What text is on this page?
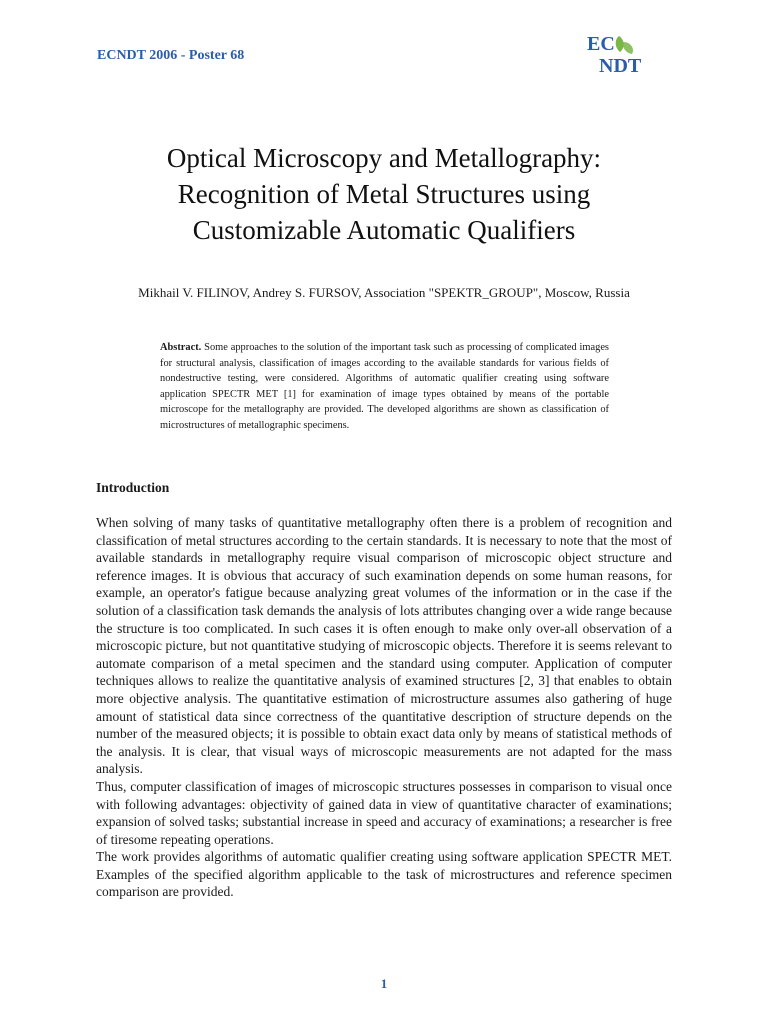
ECNDT 2006 - Poster 68

EC
NDT
Optical Microscopy and Metallography:
Recognition of Metal Structures using
Customizable Automatic Qualifiers

Mikhail V. FILINOV, Andrey S. FURSOV, Association "SPEKTR_GROUP", Moscow, Russia

Abstract. Some approaches to the solution of the important task such as processing of complicated images for structural analysis, classification of images according to the available standards for various fields of nondestructive testing, were considered. Algorithms of automatic qualifier creating using software application SPECTR MET [1] for examination of image types obtained by means of the portable microscope for the metallography are provided. The developed algorithms are shown as classification of microstructures of metallographic specimens.

Introduction

When solving of many tasks of quantitative metallography often there is a problem of recognition and classification of metal structures according to the certain standards. It is necessary to note that the most of available standards in metallography require visual comparison of microscopic object structure and reference images. It is obvious that accuracy of such examination depends on some human reasons, for example, an operator's fatigue because analyzing great volumes of the information or in the case if the solution of a classification task demands the analysis of lots attributes changing over a wide range because the structure is too complicated. In such cases it is often enough to make only over-all observation of a microscopic picture, but not quantitative studying of microscopic objects. Therefore it is seems relevant to automate comparison of a metal specimen and the standard using computer. Application of computer techniques allows to realize the quantitative analysis of examined structures [2, 3] that enables to obtain more objective analysis. The quantitative estimation of microstructure assumes also gathering of huge amount of statistical data since correctness of the quantitative description of structure depends on the number of the measured objects; it is possible to obtain exact data only by means of statistical methods of the analysis. It is clear, that visual ways of microscopic measurements are not adapted for the mass analysis.

Thus, computer classification of images of microscopic structures possesses in comparison to visual once with following advantages: objectivity of gained data in view of quantitative character of examinations; expansion of solved tasks; substantial increase in speed and accuracy of examinations; a researcher is free of tiresome repeating operations.

The work provides algorithms of automatic qualifier creating using software application SPECTR MET. Examples of the specified algorithm applicable to the task of microstructures and reference specimen comparison are provided.

1
